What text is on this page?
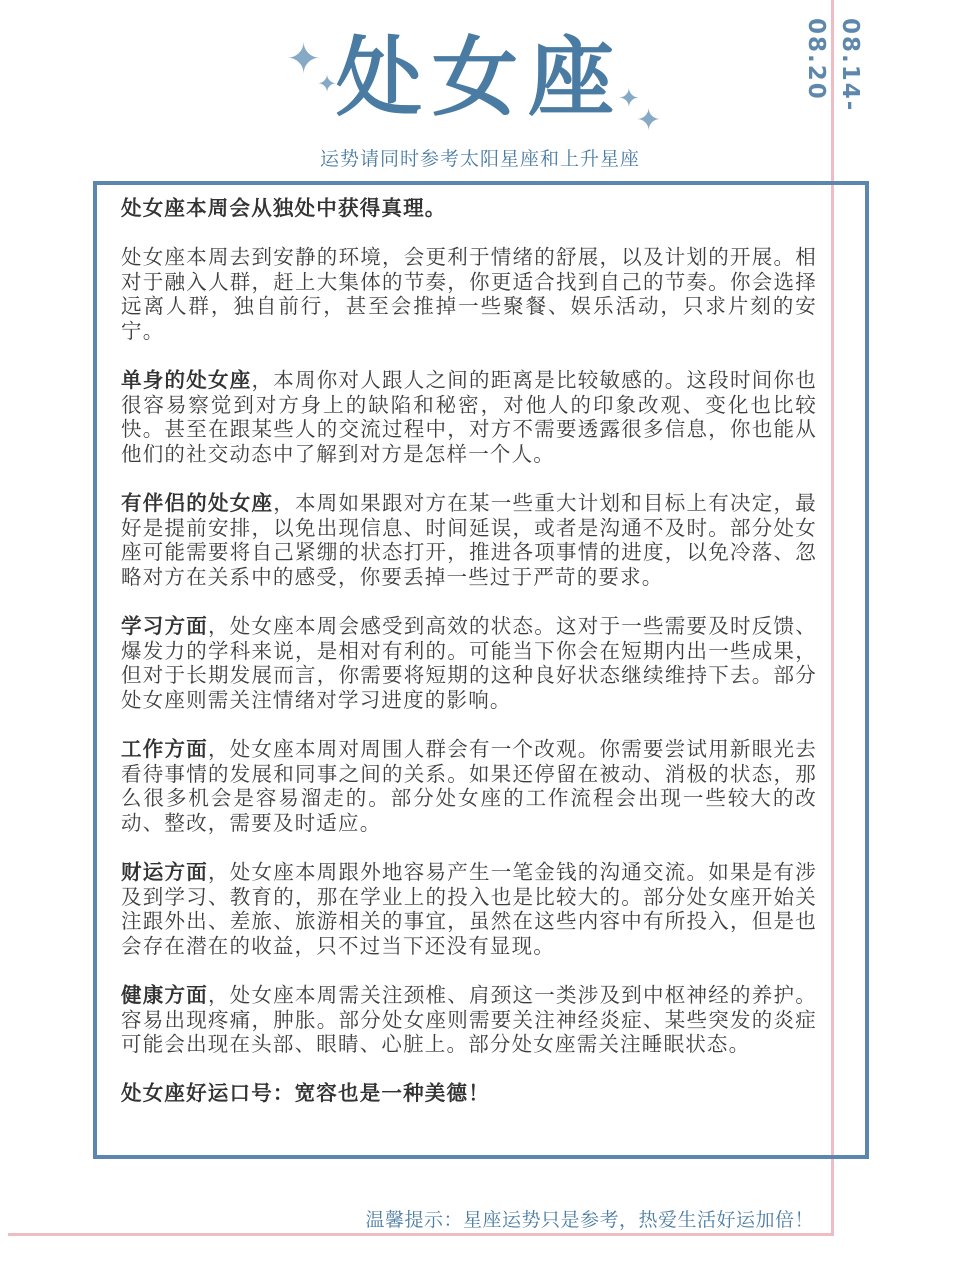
✦
✦	✦
✦
处女座
运势请同时参考太阳星座和上升星座
08.14-08.20

处女座本周会从独处中获得真理。

处女座本周去到安静的环境，会更利于情绪的舒展，以及计划的开展。相对于融入人群，赶上大集体的节奏，你更适合找到自己的节奏。你会选择远离人群，独自前行，甚至会推掉一些聚餐、娱乐活动，只求片刻的安宁。

单身的处女座，本周你对人跟人之间的距离是比较敏感的。这段时间你也很容易察觉到对方身上的缺陷和秘密，对他人的印象改观、变化也比较快。甚至在跟某些人的交流过程中，对方不需要透露很多信息，你也能从他们的社交动态中了解到对方是怎样一个人。

有伴侣的处女座，本周如果跟对方在某一些重大计划和目标上有决定，最好是提前安排，以免出现信息、时间延误，或者是沟通不及时。部分处女座可能需要将自己紧绷的状态打开，推进各项事情的进度，以免冷落、忽略对方在关系中的感受，你要丢掉一些过于严苛的要求。

学习方面，处女座本周会感受到高效的状态。这对于一些需要及时反馈、爆发力的学科来说，是相对有利的。可能当下你会在短期内出一些成果，但对于长期发展而言，你需要将短期的这种良好状态继续维持下去。部分处女座则需关注情绪对学习进度的影响。

工作方面，处女座本周对周围人群会有一个改观。你需要尝试用新眼光去看待事情的发展和同事之间的关系。如果还停留在被动、消极的状态，那么很多机会是容易溜走的。部分处女座的工作流程会出现一些较大的改动、整改，需要及时适应。

财运方面，处女座本周跟外地容易产生一笔金钱的沟通交流。如果是有涉及到学习、教育的，那在学业上的投入也是比较大的。部分处女座开始关注跟外出、差旅、旅游相关的事宜，虽然在这些内容中有所投入，但是也会存在潜在的收益，只不过当下还没有显现。

健康方面，处女座本周需关注颈椎、肩颈这一类涉及到中枢神经的养护。容易出现疼痛，肿胀。部分处女座则需要关注神经炎症、某些突发的炎症可能会出现在头部、眼睛、心脏上。部分处女座需关注睡眠状态。

处女座好运口号：宽容也是一种美德！

温馨提示：星座运势只是参考，热爱生活好运加倍！
